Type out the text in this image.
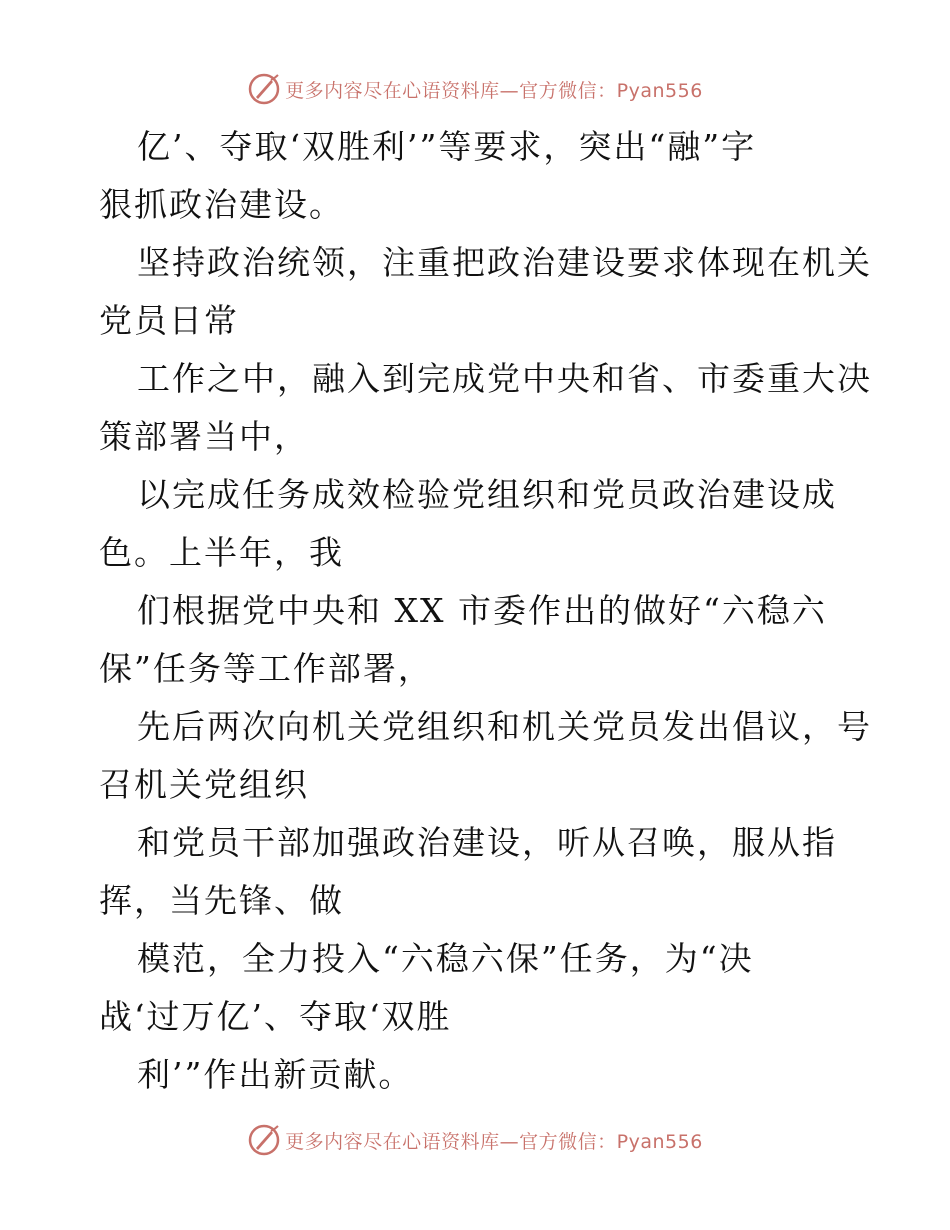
更多内容尽在心语资料库—官方微信：Pyan556
亿’、夺取‘双胜利’”等要求，突出“融”字
狠抓政治建设。
坚持政治统领，注重把政治建设要求体现在机关
党员日常
工作之中，融入到完成党中央和省、市委重大决
策部署当中，
以完成任务成效检验党组织和党员政治建设成
色。上半年，我
们根据党中央和 XX 市委作出的做好“六稳六
保”任务等工作部署，
先后两次向机关党组织和机关党员发出倡议，号
召机关党组织
和党员干部加强政治建设，听从召唤，服从指
挥，当先锋、做
模范，全力投入“六稳六保”任务，为“决
战‘过万亿’、夺取‘双胜
利’”作出新贡献。
更多内容尽在心语资料库—官方微信：Pyan556
